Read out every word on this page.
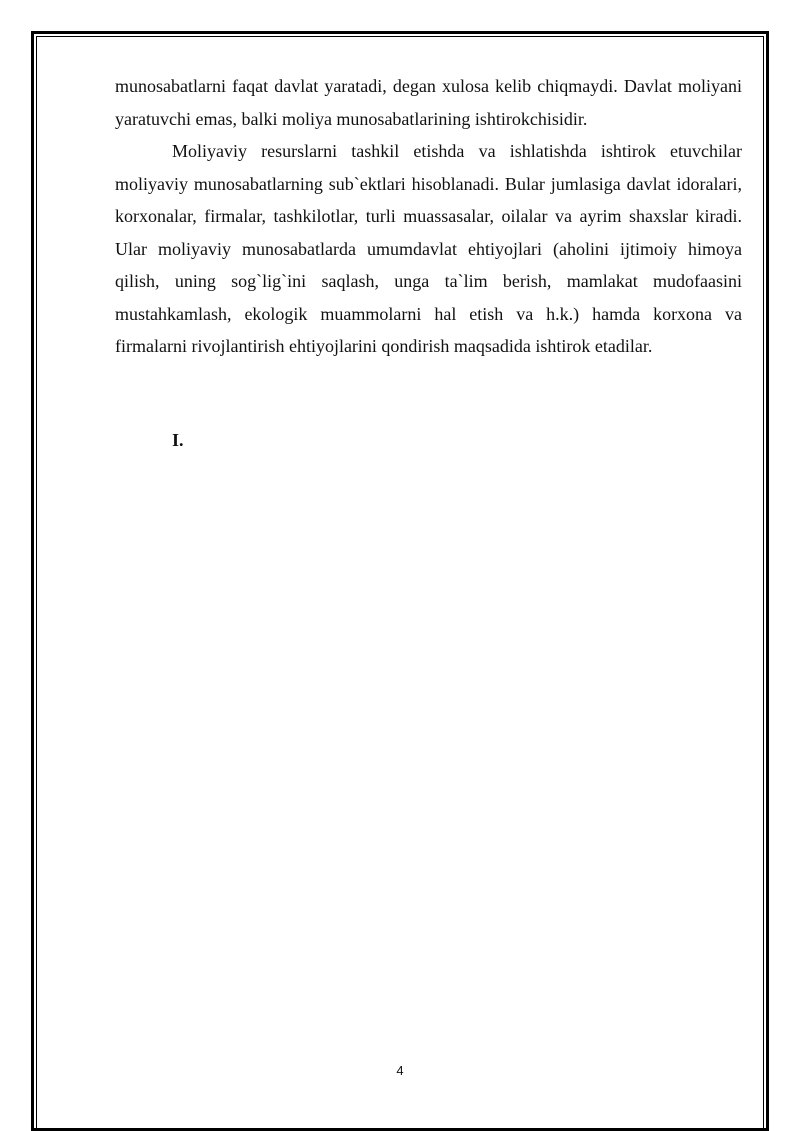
munosabatlarni faqat davlat yaratadi, degan xulosa kelib chiqmaydi. Davlat moliyani yaratuvchi emas, balki moliya munosabatlarining ishtirokchisidir.

Moliyaviy resurslarni tashkil etishda va ishlatishda ishtirok etuvchilar moliyaviy munosabatlarning sub`ektlari hisoblanadi. Bular jumlasiga davlat idoralari, korxonalar, firmalar, tashkilotlar, turli muassasalar, oilalar va ayrim shaxslar kiradi. Ular moliyaviy munosabatlarda umumdavlat ehtiyojlari (aholini ijtimoiy himoya qilish, uning sog`lig`ini saqlash, unga ta`lim berish, mamlakat mudofaasini mustahkamlash, ekologik muammolarni hal etish va h.k.) hamda korxona va firmalarni rivojlantirish ehtiyojlarini qondirish maqsadida ishtirok etadilar.

I.
4
